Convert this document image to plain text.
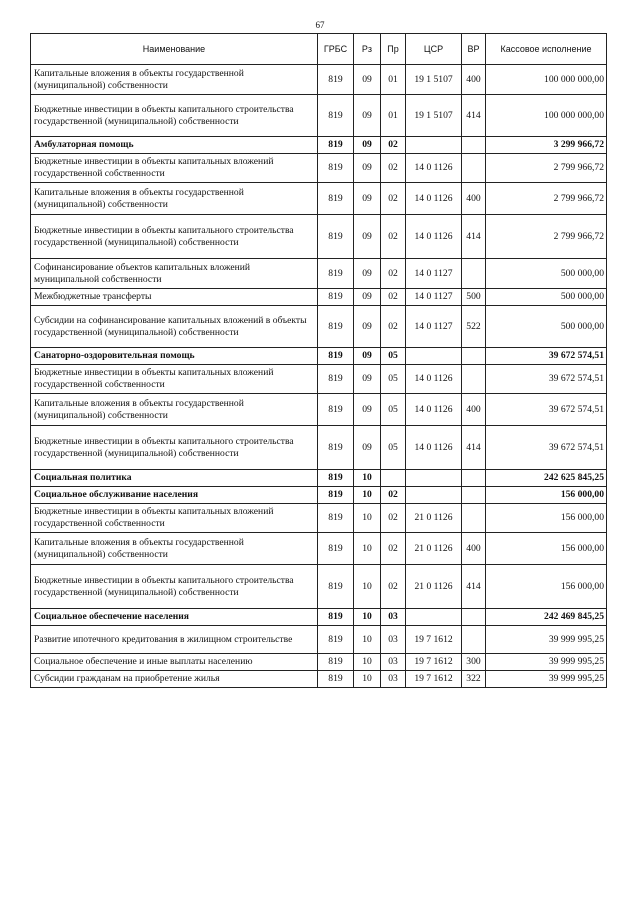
67
Наименование	ГРБС	Рз	Пр	ЦСР	ВР	Кассовое исполнение
Капитальные вложения в объекты государственной (муниципальной) собственности	819	09	01	19 1 5107	400	100 000 000,00
Бюджетные инвестиции в объекты капитального строительства государственной (муниципальной) собственности	819	09	01	19 1 5107	414	100 000 000,00
Амбулаторная помощь	819	09	02			3 299 966,72
Бюджетные инвестиции в объекты капитальных вложений государственной собственности	819	09	02	14 0 1126		2 799 966,72
Капитальные вложения в объекты государственной (муниципальной) собственности	819	09	02	14 0 1126	400	2 799 966,72
Бюджетные инвестиции в объекты капитального строительства государственной (муниципальной) собственности	819	09	02	14 0 1126	414	2 799 966,72
Софинансирование объектов капитальных вложений муниципальной собственности	819	09	02	14 0 1127		500 000,00
Межбюджетные трансферты	819	09	02	14 0 1127	500	500 000,00
Субсидии на софинансирование капитальных вложений в объекты государственной (муниципальной) собственности	819	09	02	14 0 1127	522	500 000,00
Санаторно-оздоровительная помощь	819	09	05			39 672 574,51
Бюджетные инвестиции в объекты капитальных вложений государственной собственности	819	09	05	14 0 1126		39 672 574,51
Капитальные вложения в объекты государственной (муниципальной) собственности	819	09	05	14 0 1126	400	39 672 574,51
Бюджетные инвестиции в объекты капитального строительства государственной (муниципальной) собственности	819	09	05	14 0 1126	414	39 672 574,51
Социальная политика	819	10				242 625 845,25
Социальное обслуживание населения	819	10	02			156 000,00
Бюджетные инвестиции в объекты капитальных вложений государственной собственности	819	10	02	21 0 1126		156 000,00
Капитальные вложения в объекты государственной (муниципальной) собственности	819	10	02	21 0 1126	400	156 000,00
Бюджетные инвестиции в объекты капитального строительства государственной (муниципальной) собственности	819	10	02	21 0 1126	414	156 000,00
Социальное обеспечение населения	819	10	03			242 469 845,25
Развитие ипотечного кредитования в жилищном строительстве	819	10	03	19 7 1612		39 999 995,25
Социальное обеспечение и иные выплаты населению	819	10	03	19 7 1612	300	39 999 995,25
Субсидии гражданам на приобретение жилья	819	10	03	19 7 1612	322	39 999 995,25
